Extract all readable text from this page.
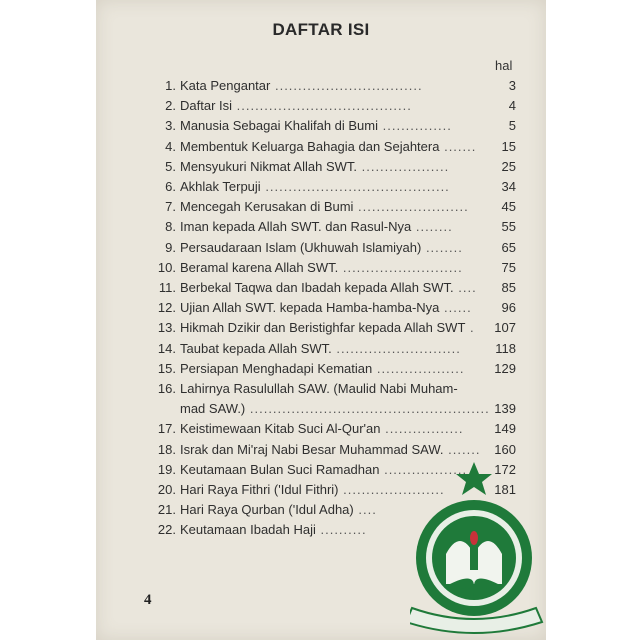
DAFTAR ISI
hal
1. Kata Pengantar ................................	3
2. Daftar Isi ......................................	4
3. Manusia Sebagai Khalifah di Bumi ...............	5
4. Membentuk Keluarga Bahagia dan Sejahtera ....... 15
5. Mensyukuri Nikmat Allah SWT. ...................	25
6. Akhlak Terpuji ........................................	34
7. Mencegah Kerusakan di Bumi ........................	45
8. Iman kepada Allah SWT. dan Rasul-Nya ........	55
9. Persaudaraan Islam (Ukhuwah Islamiyah) ........	65
10. Beramal karena Allah SWT. ..........................	75
11. Berbekal Taqwa dan Ibadah kepada Allah SWT. .... 85
12. Ujian Allah SWT. kepada Hamba-hamba-Nya ...... 96
13. Hikmah Dzikir dan Beristighfar kepada Allah SWT . 107
14. Taubat kepada Allah SWT. ...........................	118
15. Persiapan Menghadapi Kematian ................... 129
16. Lahirnya Rasulullah SAW. (Maulid Nabi Muham-
mad SAW.) .................................................... 139
17. Keistimewaan Kitab Suci Al-Qur'an ................. 149
18. Israk dan Mi'raj Nabi Besar Muhammad SAW. ....... 160
19. Keutamaan Bulan Suci Ramadhan .................. 172
20. Hari Raya Fithri ('Idul Fithri) ......................	181
21. Hari Raya Qurban ('Idul Adha) ....
22. Keutamaan Ibadah Haji ..........
4
